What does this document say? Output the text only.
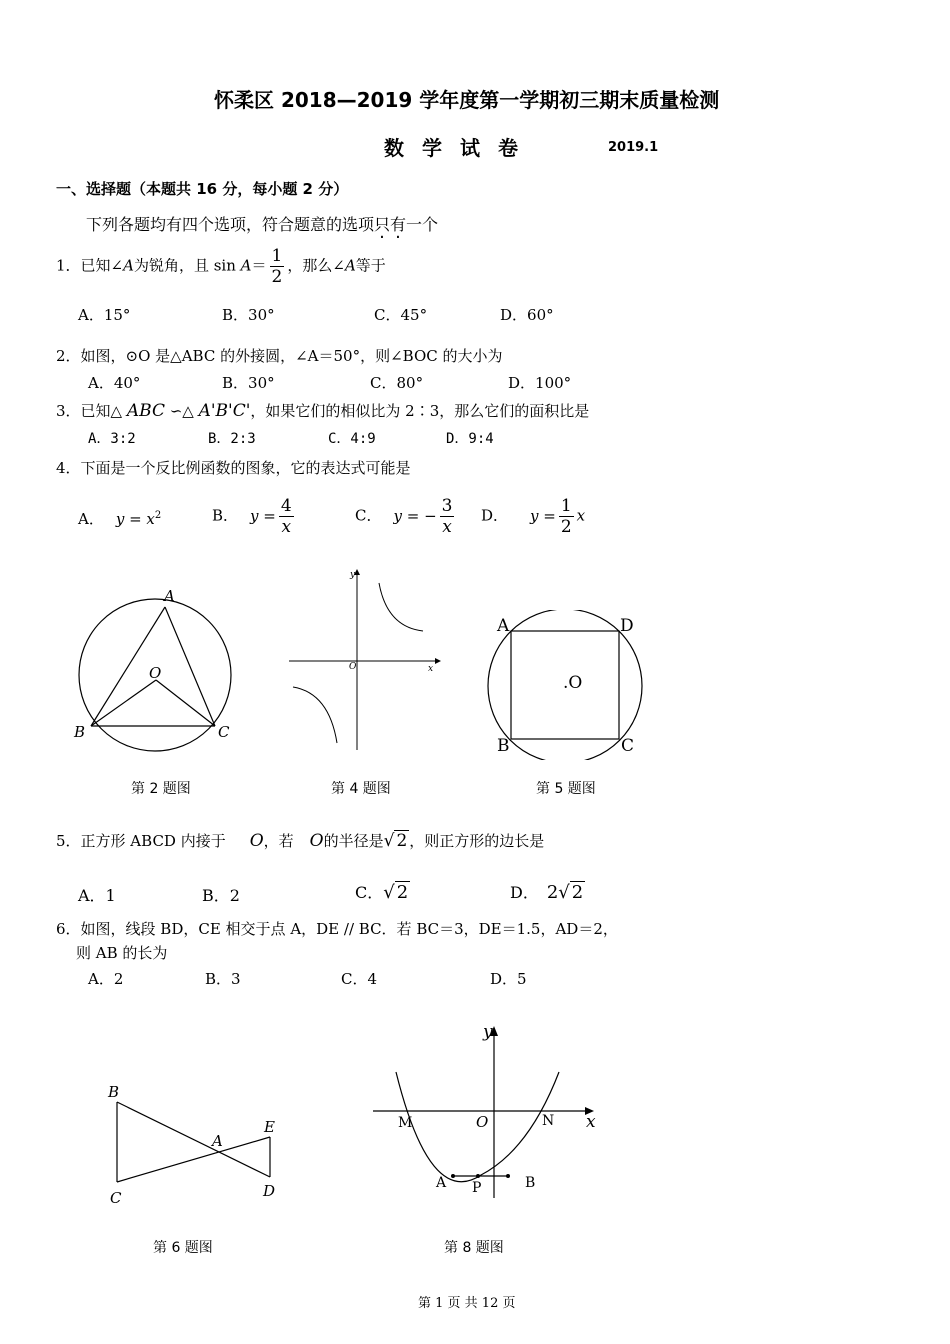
怀柔区 2018—2019 学年度第一学期初三期末质量检测
数学试卷	2019.1
一、选择题（本题共 16 分，每小题 2 分）
下列各题均有四个选项，符合题意的选项只有一个
1．已知∠A为锐角，且 $\sin A= \frac{1}{2}$ ，那么∠A等于
A．15°	B．30°	C．45°	D．60°
2．如图，⊙O 是△ABC 的外接圆，∠A＝50°，则∠BOC 的大小为
A．40°	B．30°	C．80°	D．100°
3．已知△ ABC ∽△ A'B'C'，如果它们的相似比为 2∶3，那么它们的面积比是
A．3:2	B．2:3	C．4:9	D．9:4
4．下面是一个反比例函数的图象，它的表达式可能是
A． $y = x^2$	B． $y = \frac{4}{x}$	C． y = − $\frac{3}{x}$ D． $y = \frac{1}{2}$ x
A
O
B	C
第 2 题图
y
O	x
第 4 题图
A	D
.O
B	C
第 5 题图
5．正方形 ABCD 内接于 O，若 O的半径是√ 2 ，则正方形的边长是
A．1	B．2	C．√ 2	D． 2√ 2
6．如图，线段 BD，CE 相交于点 A，DE // BC．若 BC＝3，DE＝1.5，AD＝2，
则 AB 的长为
A．2	B．3	C．4	D．5
B
A
E
C	D
第 6 题图
y
M	O	N x
A P	B
第 8 题图
第 1 页 共 12 页
